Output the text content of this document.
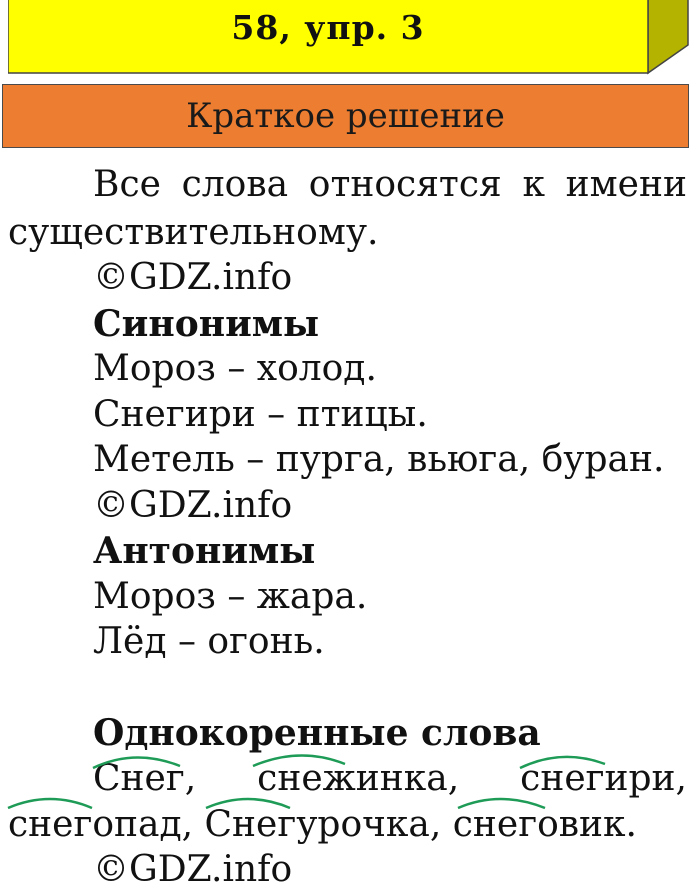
58, упр. 3
Краткое решение
Все слова относятся к имени
существительному.
©GDZ.info
Синонимы
Мороз – холод.
Снегири – птицы.
Метель – пурга, вьюга, буран.
©GDZ.info
Антонимы
Мороз – жара.
Лёд – огонь.
Однокоренные слова
Снег, снежинка, снегири,
снегопад, Снегурочка, снеговик.
©GDZ.info
